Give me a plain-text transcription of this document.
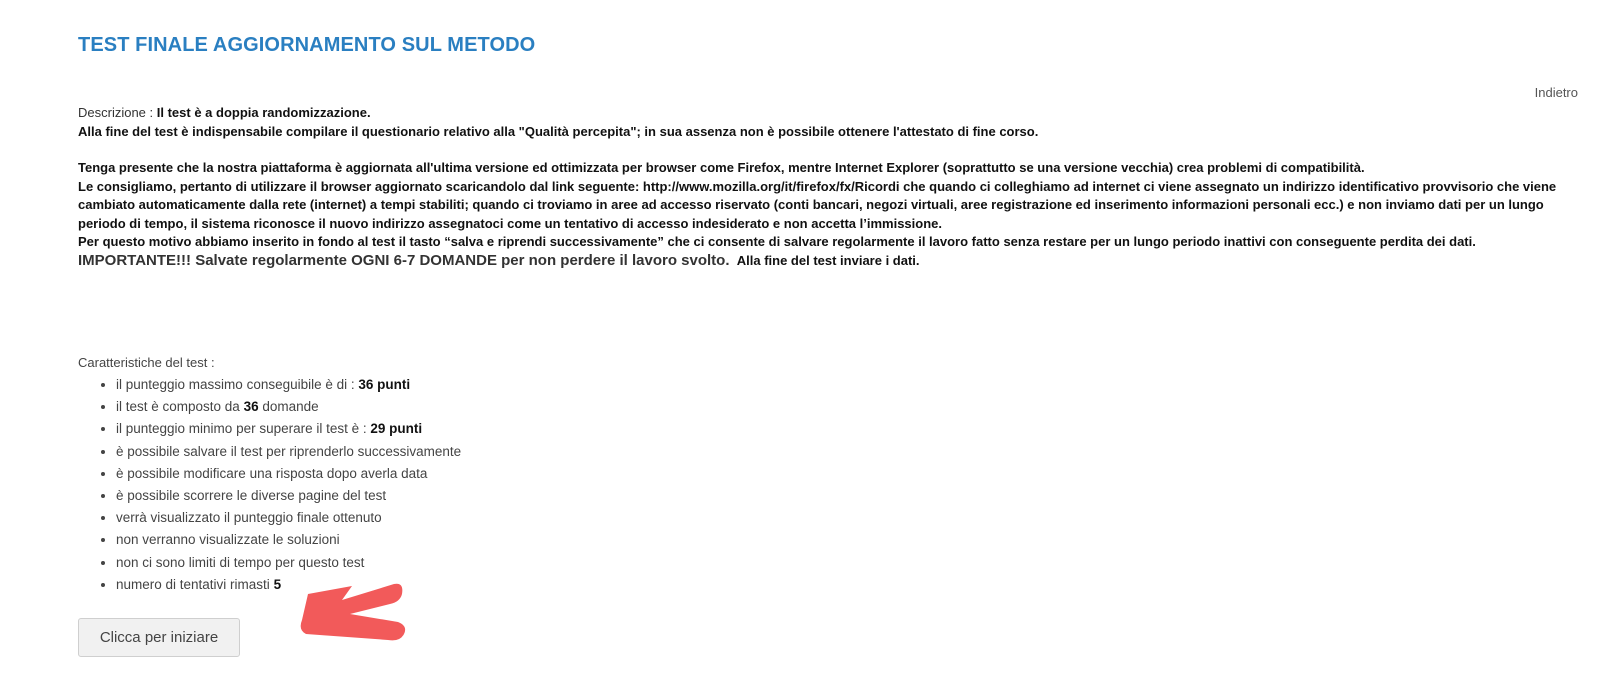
TEST FINALE AGGIORNAMENTO SUL METODO
Indietro

Descrizione : Il test è a doppia randomizzazione.

Alla fine del test è indispensabile compilare il questionario relativo alla "Qualità percepita"; in sua assenza non è possibile ottenere l'attestato di fine corso.

Tenga presente che la nostra piattaforma è aggiornata all'ultima versione ed ottimizzata per browser come Firefox, mentre Internet Explorer (soprattutto se una versione vecchia) crea problemi di compatibilità.

Le consigliamo, pertanto di utilizzare il browser aggiornato scaricandolo dal link seguente: http://www.mozilla.org/it/firefox/fx/Ricordi che quando ci colleghiamo ad internet ci viene assegnato un indirizzo identificativo provvisorio che viene cambiato automaticamente dalla rete (internet) a tempi stabiliti; quando ci troviamo in aree ad accesso riservato (conti bancari, negozi virtuali, aree registrazione ed inserimento informazioni personali ecc.) e non inviamo dati per un lungo periodo di tempo, il sistema riconosce il nuovo indirizzo assegnatoci come un tentativo di accesso indesiderato e non accetta l’immissione.

Per questo motivo abbiamo inserito in fondo al test il tasto “salva e riprendi successivamente” che ci consente di salvare regolarmente il lavoro fatto senza restare per un lungo periodo inattivi con conseguente perdita dei dati.

IMPORTANTE!!! Salvate regolarmente OGNI 6-7 DOMANDE per non perdere il lavoro svolto. Alla fine del test inviare i dati.

Caratteristiche del test :
• il punteggio massimo conseguibile è di : 36 punti
• il test è composto da 36 domande
• il punteggio minimo per superare il test è : 29 punti
• è possibile salvare il test per riprenderlo successivamente
• è possibile modificare una risposta dopo averla data
• è possibile scorrere le diverse pagine del test
• verrà visualizzato il punteggio finale ottenuto
• non verranno visualizzate le soluzioni
• non ci sono limiti di tempo per questo test
• numero di tentativi rimasti 5
Clicca per iniziare
